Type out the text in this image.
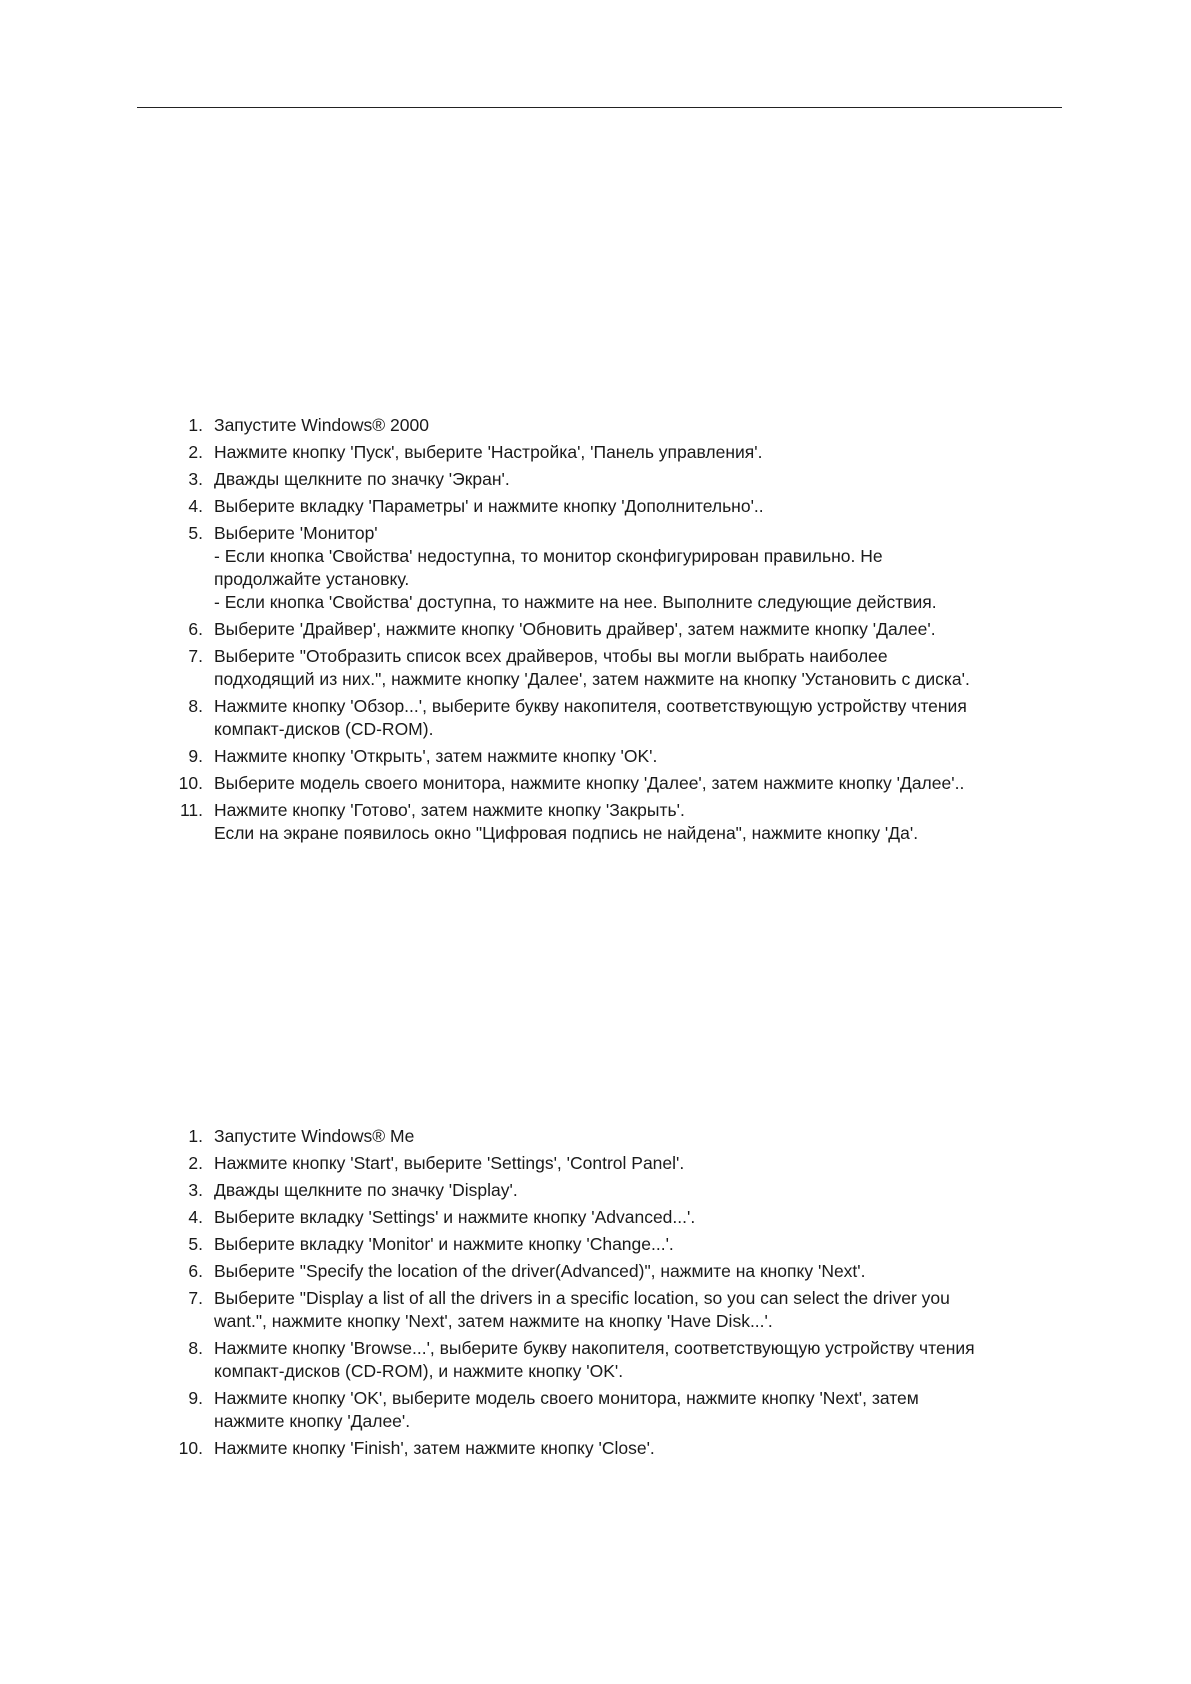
1. Запустите Windows® 2000
2. Нажмите кнопку 'Пуск', выберите 'Настройка', 'Панель управления'.
3. Дважды щелкните по значку 'Экран'.
4. Выберите вкладку 'Параметры' и нажмите кнопку 'Дополнительно'..
5. Выберите 'Монитор'
- Если кнопка 'Свойства' недоступна, то монитор сконфигурирован правильно. Не продолжайте установку.
- Если кнопка 'Свойства' доступна, то нажмите на нее. Выполните следующие действия.
6. Выберите 'Драйвер', нажмите кнопку 'Обновить драйвер', затем нажмите кнопку 'Далее'.
7. Выберите "Отобразить список всех драйверов, чтобы вы могли выбрать наиболее подходящий из них.", нажмите кнопку 'Далее', затем нажмите на кнопку 'Установить с диска'.
8. Нажмите кнопку 'Обзор...', выберите букву накопителя, соответствующую устройству чтения компакт-дисков (CD-ROM).
9. Нажмите кнопку 'Открыть', затем нажмите кнопку 'OK'.
10. Выберите модель своего монитора, нажмите кнопку 'Далее', затем нажмите кнопку 'Далее'..
11. Нажмите кнопку 'Готово', затем нажмите кнопку 'Закрыть'.
Если на экране появилось окно "Цифровая подпись не найдена", нажмите кнопку 'Да'.
1. Запустите Windows® Me
2. Нажмите кнопку 'Start', выберите 'Settings', 'Control Panel'.
3. Дважды щелкните по значку 'Display'.
4. Выберите вкладку 'Settings' и нажмите кнопку 'Advanced...'.
5. Выберите вкладку 'Monitor' и нажмите кнопку 'Change...'.
6. Выберите "Specify the location of the driver(Advanced)", нажмите на кнопку 'Next'.
7. Выберите "Display a list of all the drivers in a specific location, so you can select the driver you want.", нажмите кнопку 'Next', затем нажмите на кнопку 'Have Disk...'.
8. Нажмите кнопку 'Browse...', выберите букву накопителя, соответствующую устройству чтения компакт-дисков (CD-ROM), и нажмите кнопку 'OK'.
9. Нажмите кнопку 'OK', выберите модель своего монитора, нажмите кнопку 'Next', затем нажмите кнопку 'Далее'.
10. Нажмите кнопку 'Finish', затем нажмите кнопку 'Close'.
